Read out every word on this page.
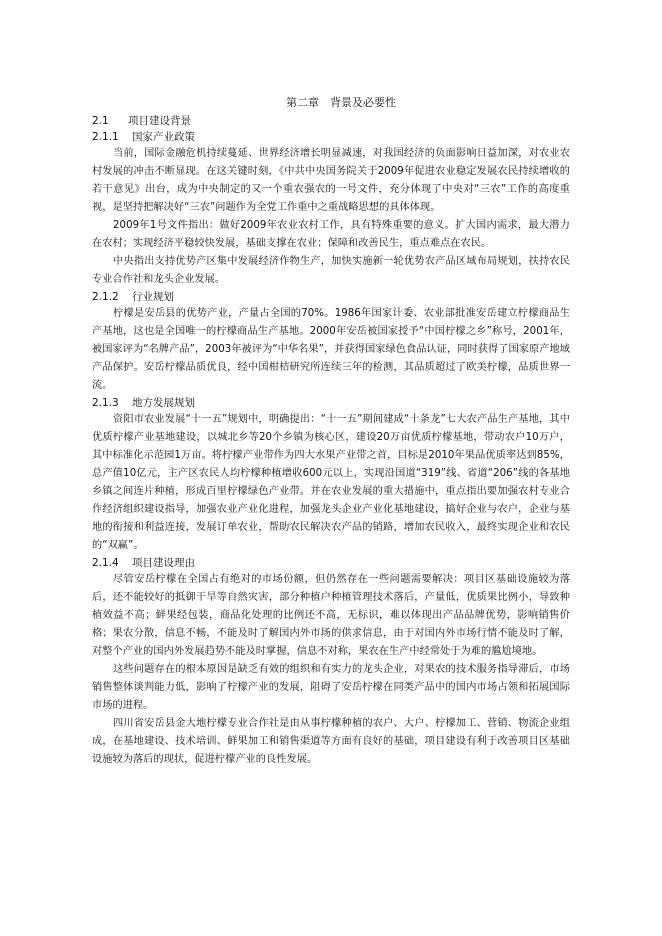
第二章　背景及必要性
2.1 项目建设背景
2.1.1 国家产业政策

当前，国际金融危机持续蔓延、世界经济增长明显减速，对我国经济的负面影响日益加深，对农业农村发展的冲击不断显现。在这关键时刻，《中共中央国务院关于2009年促进农业稳定发展农民持续增收的若干意见》出台，成为中央制定的又一个重农强农的一号文件，充分体现了中央对“三农”工作的高度重视，是坚持把解决好“三农”问题作为全党工作重中之重战略思想的具体体现。

2009年1号文件指出：做好2009年农业农村工作，具有特殊重要的意义。扩大国内需求，最大潜力在农村；实现经济平稳较快发展，基础支撑在农业；保障和改善民生，重点难点在农民。

中央指出支持优势产区集中发展经济作物生产，加快实施新一轮优势农产品区域布局规划，扶持农民专业合作社和龙头企业发展。

2.1.2 行业规划

柠檬是安岳县的优势产业，产量占全国的70%。1986年国家计委、农业部批准安岳建立柠檬商品生产基地，这也是全国唯一的柠檬商品生产基地。2000年安岳被国家授予“中国柠檬之乡”称号，2001年，被国家评为“名牌产品”，2003年被评为“中华名果”，并获得国家绿色食品认证，同时获得了国家原产地域产品保护。安岳柠檬品质优良，经中国柑桔研究所连续三年的检测，其品质超过了欧美柠檬，品质世界一流。

2.1.3 地方发展规划

资阳市农业发展“十一五”规划中，明确提出：“十一五”期间建成“十条龙”七大农产品生产基地，其中优质柠檬产业基地建设，以城北乡等20个乡镇为核心区，建设20万亩优质柠檬基地，带动农户10万户，其中标准化示范园1万亩。将柠檬产业带作为四大水果产业带之首，目标是2010年果品优质率达到85%，总产值10亿元，主产区农民人均柠檬种植增收600元以上，实现沿国道“319”线、省道“206”线的各基地乡镇之间连片种植，形成百里柠檬绿色产业带。并在农业发展的重大措施中，重点指出要加强农村专业合作经济组织建设指导，加强农业产业化进程，加强龙头企业产业化基地建设，搞好企业与农户，企业与基地的衔接和利益连接，发展订单农业，帮助农民解决农产品的销路，增加农民收入，最终实现企业和农民的“双赢”。

2.1.4 项目建设理由

尽管安岳柠檬在全国占有绝对的市场份额，但仍然存在一些问题需要解决：项目区基础设施较为落后，还不能较好的抵御干旱等自然灾害，部分种植户种植管理技术落后，产量低，优质果比例小，导致种植效益不高；鲜果经包装，商品化处理的比例还不高，无标识，难以体现出产品品牌优势，影响销售价格；果农分散，信息不畅，不能及时了解国内外市场的供求信息，由于对国内外市场行情不能及时了解，对整个产业的国内外发展趋势不能及时掌握，信息不对称，果农在生产中经常处于为难的尴尬境地。

这些问题存在的根本原因是缺乏有效的组织和有实力的龙头企业，对果农的技术服务指导滞后，市场销售整体谈判能力低，影响了柠檬产业的发展，阻碍了安岳柠檬在同类产品中的国内市场占领和拓展国际市场的进程。

四川省安岳县金大地柠檬专业合作社是由从事柠檬种植的农户、大户、柠檬加工、营销、物流企业组成，在基地建设、技术培训、鲜果加工和销售渠道等方面有良好的基础，项目建设有利于改善项目区基础设施较为落后的现状，促进柠檬产业的良性发展。
